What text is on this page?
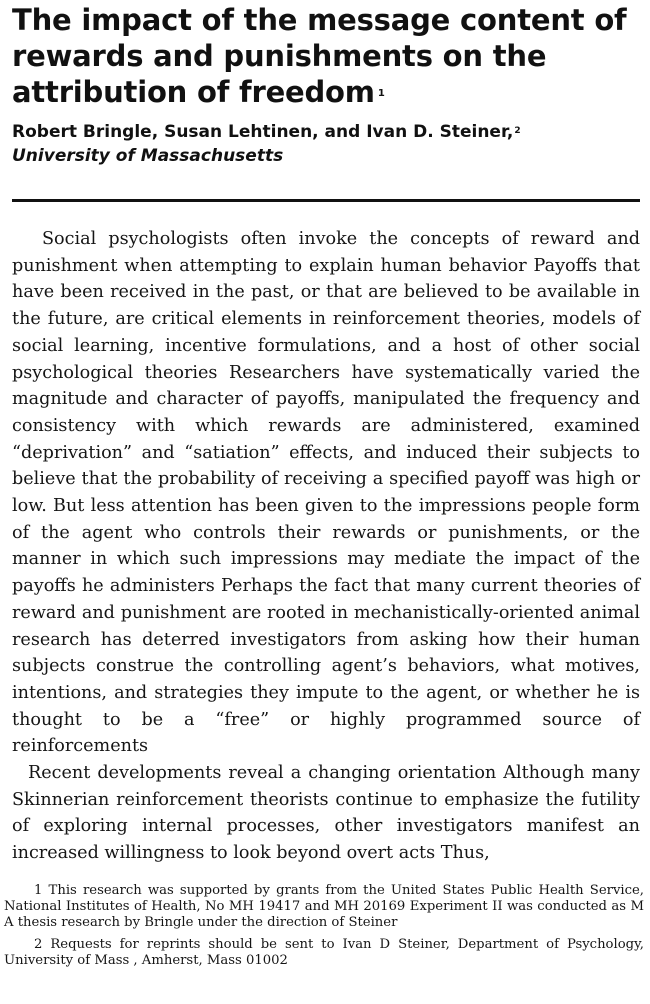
The impact of the message content of rewards and punishments on the attribution of freedom $^1$
Robert Bringle, Susan Lehtinen, and Ivan D. Steiner,$^2$
University of Massachusetts

Social psychologists often invoke the concepts of reward and punishment when attempting to explain human behavior Payoffs that have been received in the past, or that are believed to be available in the future, are critical elements in reinforcement theories, models of social learning, incentive formulations, and a host of other social psychological theories Researchers have systematically varied the magnitude and character of payoffs, manipulated the frequency and consistency with which rewards are administered, examined “deprivation” and “satiation” effects, and induced their subjects to believe that the probability of receiving a specified payoff was high or low. But less attention has been given to the impressions people form of the agent who controls their rewards or punishments, or the manner in which such impressions may mediate the impact of the payoffs he administers Perhaps the fact that many current theories of reward and punishment are rooted in mechanistically-oriented animal research has deterred investigators from asking how their human subjects construe the controlling agent’s behaviors, what motives, intentions, and strategies they impute to the agent, or whether he is thought to be a “free” or highly programmed source of reinforcements

Recent developments reveal a changing orientation Although many Skinnerian reinforcement theorists continue to emphasize the futility of exploring internal processes, other investigators manifest an increased willingness to look beyond overt acts Thus,

1 This research was supported by grants from the United States Public Health Service, National Institutes of Health, No MH 19417 and MH 20169 Experiment II was conducted as M A thesis research by Bringle under the direction of Steiner

2 Requests for reprints should be sent to Ivan D Steiner, Department of Psychology, University of Mass , Amherst, Mass 01002
